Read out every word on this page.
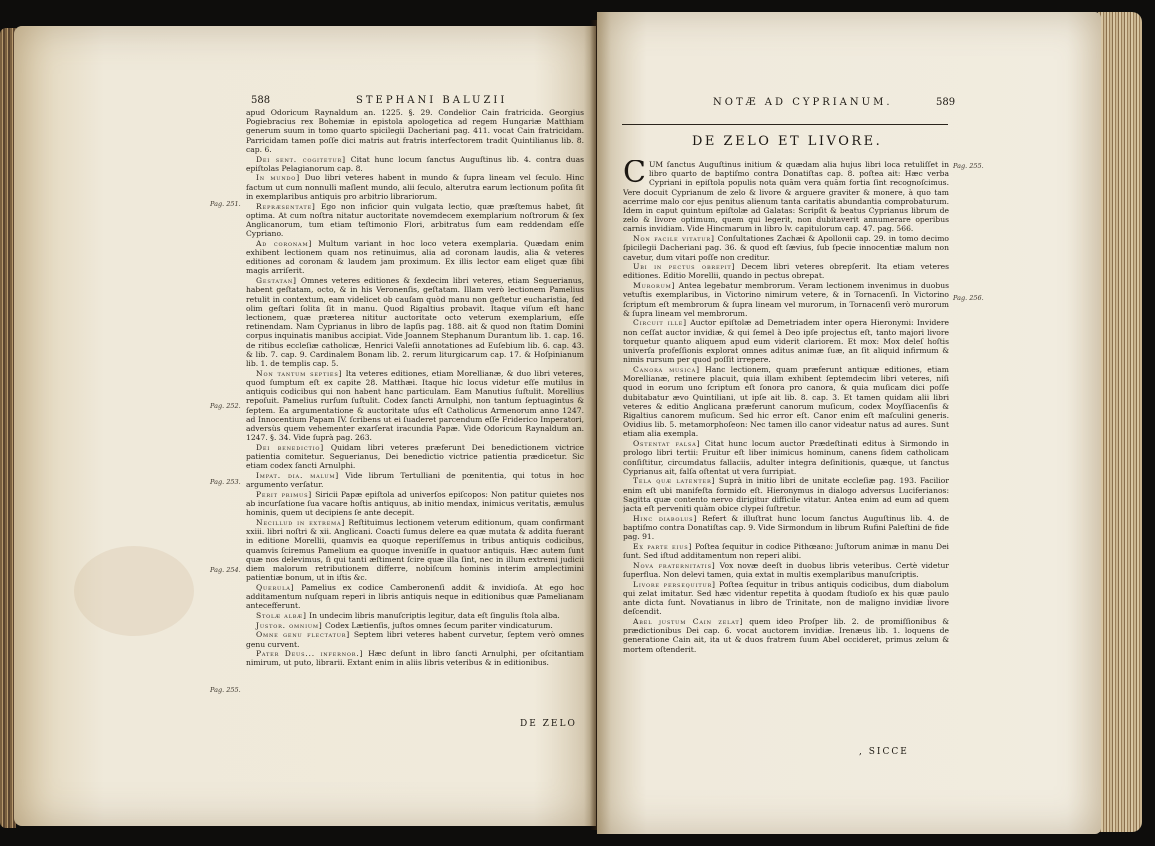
588	STEPHANI BALUZII
Pag. 251.
Pag. 252.
Pag. 253.
Pag. 254.
Pag. 255.

apud Odoricum Raynaldum an. 1225. §. 29. Condelior Cain fratricida. Georgius Pogiebracius rex Bohemiæ in epistola apologetica ad regem Hungariæ Matthiam generum suum in tomo quarto spicilegii Dacheriani pag. 411. vocat Cain fratricidam. Parricidam tamen poſſe dici matris aut fratris interfectorem tradit Quintilianus lib. 8. cap. 6.

Dei sent. cogitetur] Citat hunc locum ſanctus Auguſtinus lib. 4. contra duas epiſtolas Pelagianorum cap. 8.

In mundo] Duo libri veteres habent in mundo & ſupra lineam vel ſeculo. Hinc factum ut cum nonnulli maſlent mundo, alii ſeculo, alterutra earum lectionum poſita ſit in exemplaribus antiquis pro arbitrio librariorum.

Repræsentate] Ego non inficior quin vulgata lectio, quæ præſtemus habet, ſit optima. At cum noſtra nitatur auctoritate novemdecem exemplarium noſtrorum & ſex Anglicanorum, tum etiam teſtimonio Flori, arbitratus ſum eam reddendam eſſe Cypriano.

Ad coronam] Multum variant in hoc loco vetera exemplaria. Quædam enim exhibent lectionem quam nos retinuimus, alia ad coronam laudis, alia & veteres editiones ad coronam & laudem jam proximum. Ex illis lector eam eliget quæ ſibi magis arriſerit.

Gestatan] Omnes veteres editiones & ſexdecim libri veteres, etiam Seguerianus, habent geſtatam, octo, & in his Veronenſis, geſtatam. Illam verò lectionem Pamelius retulit in contextum, eam videlicet ob cauſam quòd manu non geſtetur eucharistia, ſed olim geſtari ſolita ſit in manu. Quod Rigaltius probavit. Itaque viſum eſt hanc lectionem, quæ præterea nititur auctoritate octo veterum exemplarium, eſſe retinendam. Nam Cyprianus in libro de lapſis pag. 188. ait & quod non ſtatim Domini corpus inquinatis manibus accipiat. Vide Joannem Stephanum Durantum lib. 1. cap. 16. de ritibus eccleſiæ catholicæ, Henrici Valeſii annotationes ad Euſebium lib. 6. cap. 43. & lib. 7. cap. 9. Cardinalem Bonam lib. 2. rerum liturgicarum cap. 17. & Hoſpinianum lib. 1. de templis cap. 5.

Non tantum septies] Ita veteres editiones, etiam Morellianæ, & duo libri veteres, quod ſumptum eſt ex capite 28. Matthæi. Itaque hic locus videtur eſſe mutilus in antiquis codicibus qui non habent hanc particulam. Eam Manutius ſuſtulit. Morellius repoſuit. Pamelius rurſum ſuſtulit. Codex ſancti Arnulphi, non tantum ſeptuagintus & ſeptem. Ea argumentatione & auctoritate uſus eſt Catholicus Armenorum anno 1247. ad Innocentium Papam IV. ſcribens ut ei ſuaderet parcendum eſſe Friderico Imperatori, adversùs quem vehementer exarſerat iracundia Papæ. Vide Odoricum Raynaldum an. 1247. §. 34. Vide ſuprà pag. 263.

Dei benedictio] Quidam libri veteres præferunt Dei benedictionem victrice patientia comitetur. Seguerianus, Dei benedictio victrice patientia prædicetur. Sic etiam codex ſancti Arnulphi.

Impat. dia. malum] Vide librum Tertulliani de pœnitentia, qui totus in hoc argumento verſatur.

Perit primus] Siricii Papæ epiſtola ad univerſos epiſcopos: Non patitur quietes nos ab incurſatione ſua vacare hoſtis antiquus, ab initio mendax, inimicus veritatis, æmulus hominis, quem ut decipiens ſe ante decepit.

Necillud in extrema] Reſtituimus lectionem veterum editionum, quam confirmant xxiii. libri noſtri & xii. Anglicani. Coacti ſumus delere ea quæ mutata & addita fuerant in editione Morellii, quamvis ea quoque reperiſſemus in tribus antiquis codicibus, quamvis ſciremus Pamelium ea quoque inveniſſe in quatuor antiquis. Hæc autem ſunt quæ nos delevimus, ſi qui tanti æſtiment ſcire quæ illa ſint, nec in illum extremi judicii diem malorum retributionem differre, nobiſcum hominis interim amplectimini patientiæ bonum, ut in iſtis &c.

Querula] Pamelius ex codice Camberonenſi addit & invidioſa. At ego hoc additamentum nuſquam reperi in libris antiquis neque in editionibus quæ Pamelianam antecefferunt.

Stolæ albæ] In undecim libris manuſcriptis legitur, data eſt ſingulis ſtola alba.

Justor. omnium] Codex Lætienſis, juſtos omnes ſecum pariter vindicaturum.

Omne genu flectatur] Septem libri veteres habent curvetur, ſeptem verò omnes genu curvent.

Pater Deus... infernor.] Hæc deſunt in libro ſancti Arnulphi, per oſcitantiam nimirum, ut puto, librarii. Extant enim in aliis libris veteribus & in editionibus.

DE ZELO
NOTÆ AD CYPRIANUM.	589
DE ZELO ET LIVORE.
Pag. 255.
Pag. 256.

CUM ſanctus Auguſtinus initium & quædam alia hujus libri loca retuliſſet in libro quarto de baptiſmo contra Donatiſtas cap. 8. poſtea ait: Hæc verba Cypriani in epiſtola populis nota quām vera quām fortia ſint recognoſcimus. Vere docuit Cyprianum de zelo & livore & arguere graviter & monere, à quo tam acerrime malo cor ejus penitus alienum tanta caritatis abundantia comprobaturum. Idem in caput quintum epiſtolæ ad Galatas: Scripſit & beatus Cyprianus librum de zelo & livore optimum, quem qui legerit, non dubitaverit annumerare operibus carnis invidiam. Vide Hincmarum in libro lv. capitulorum cap. 47. pag. 566.

Non facile vitatur] Conſultationes Zachæi & Apollonii cap. 29. in tomo decimo ſpicilegii Dacheriani pag. 36. & quod eſt ſævius, ſub ſpecie innocentiæ malum non cavetur, dum vitari poſſe non creditur.

Ubi in pectus obrepit] Decem libri veteres obrepſerit. Ita etiam veteres editiones. Editio Morellii, quando in pectus obrepat.

Murorum] Antea legebatur membrorum. Veram lectionem invenimus in duobus vetuſtis exemplaribus, in Victorino nimirum vetere, & in Tornacenſi. In Victorino ſcriptum eſt membrorum & ſupra lineam vel murorum, in Tornacenſi verò murorum & ſupra lineam vel membrorum.

Circuit ille] Auctor epiſtolæ ad Demetriadem inter opera Hieronymi: Invidere non ceſſat auctor invidiæ, & qui ſemel à Deo ipſe projectus eſt, tanto majori livore torquetur quanto aliquem apud eum viderit clariorem. Et mox: Mox deleſ hoſtis univerſa profeſſionis explorat omnes aditus animæ ſuæ, an ſit aliquid infirmum & nimis rursum per quod poſſit irrepere.

Canora musica] Hanc lectionem, quam præferunt antiquæ editiones, etiam Morellianæ, retinere placuit, quia illam exhibent ſeptemdecim libri veteres, niſi quod in eorum uno ſcriptum eſt ſonora pro canora, & quia muſicam dici poſſe dubitabatur ævo Quintiliani, ut ipſe ait lib. 8. cap. 3. Et tamen quidam alii libri veteres & editio Anglicana præferunt canorum muſicum, codex Moyſſiacenſis & Rigaltius canorem muſicum. Sed hic error eſt. Canor enim eſt maſculini generis. Ovidius lib. 5. metamorphoſeon: Nec tamen illo canor videatur natus ad aures. Sunt etiam alia exempla.

Ostentat falsa] Citat hunc locum auctor Prædeſtinati editus à Sirmondo in prologo libri tertii: Fruitur eſt liber inimicus hominum, canens ſidem catholicam conſiſtitur, circumdatus fallaciis, adulter integra deſinitionis, quæque, ut ſanctus Cyprianus ait, falſa oſtentat ut vera ſurripiat.

Tela quæ latenter] Suprà in initio libri de unitate eccleſiæ pag. 193. Facilior enim eſt ubi manifeſta formido eſt. Hieronymus in dialogo adversus Luciferianos: Sagitta quæ contento nervo dirigitur difficile vitatur. Antea enim ad eum ad quem jacta eſt perveniti quàm obice clypei ſuſtretur.

Hinc diabolus] Refert & illuſtrat hunc locum ſanctus Auguſtinus lib. 4. de baptiſmo contra Donatiſtas cap. 9. Vide Sirmondum in librum Rufini Paleſtini de fide pag. 91.

Ex parte eius] Poſtea ſequitur in codice Pithœano: Juſtorum animæ in manu Dei ſunt. Sed iſtud additamentum non reperi alibi.

Nova fraternitatis] Vox novæ deeſt in duobus libris veteribus. Certè videtur ſuperflua. Non delevi tamen, quia extat in multis exemplaribus manuſcriptis.

Livore persequitur] Poſtea ſequitur in tribus antiquis codicibus, dum diabolum qui zelat imitatur. Sed hæc videntur repetita à quodam ſtudioſo ex his quæ paulo ante dicta ſunt. Novatianus in libro de Trinitate, non de maligno invidiæ livore deſcendit.

Abel justum Cain zelat] quem ideo Proſper lib. 2. de promiſſionibus & prædictionibus Dei cap. 6. vocat auctorem invidiæ. Irenæus lib. 1. loquens de generatione Cain ait, ita ut & duos fratrem ſuum Abel occideret, primus zelum & mortem oſtenderit.

, SICCE
